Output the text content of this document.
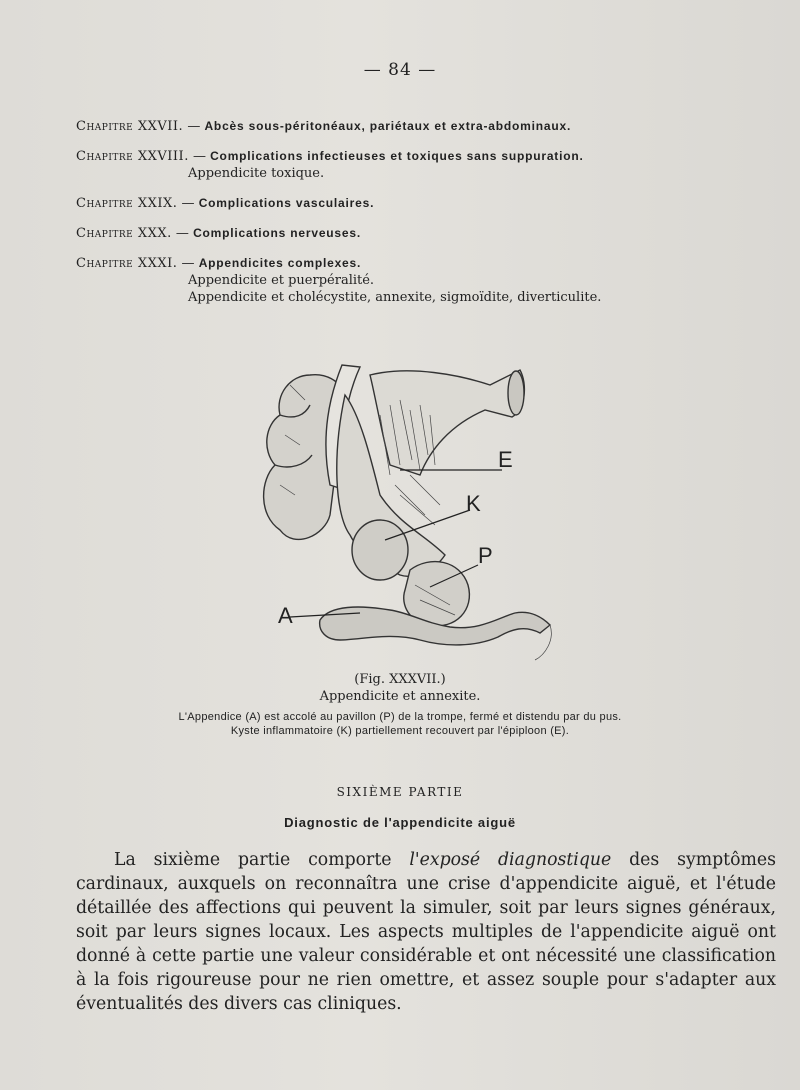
— 84 —
Chapitre XXVII. — Abcès sous-péritonéaux, pariétaux et extra-abdominaux.
Chapitre XXVIII. — Complications infectieuses et toxiques sans suppuration.
Appendicite toxique.
Chapitre XXIX. — Complications vasculaires.
Chapitre XXX. — Complications nerveuses.
Chapitre XXXI. — Appendicites complexes.
Appendicite et puerpéralité.
Appendicite et cholécystite, annexite, sigmoïdite, diverticulite.
E
K
P
A
(Fig. XXXVII.)
Appendicite et annexite.
L'Appendice (A) est accolé au pavillon (P) de la trompe, fermé et distendu par du pus.
Kyste inflammatoire (K) partiellement recouvert par l'épiploon (E).
SIXIÈME PARTIE
Diagnostic de l'appendicite aiguë
La sixième partie comporte l'exposé diagnostique des symptômes cardinaux, auxquels on reconnaîtra une crise d'appendicite aiguë, et l'étude détaillée des affections qui peuvent la simuler, soit par leurs signes généraux, soit par leurs signes locaux. Les aspects multiples de l'appendicite aiguë ont donné à cette partie une valeur considérable et ont nécessité une classification à la fois rigoureuse pour ne rien omettre, et assez souple pour s'adapter aux éventualités des divers cas cliniques.
